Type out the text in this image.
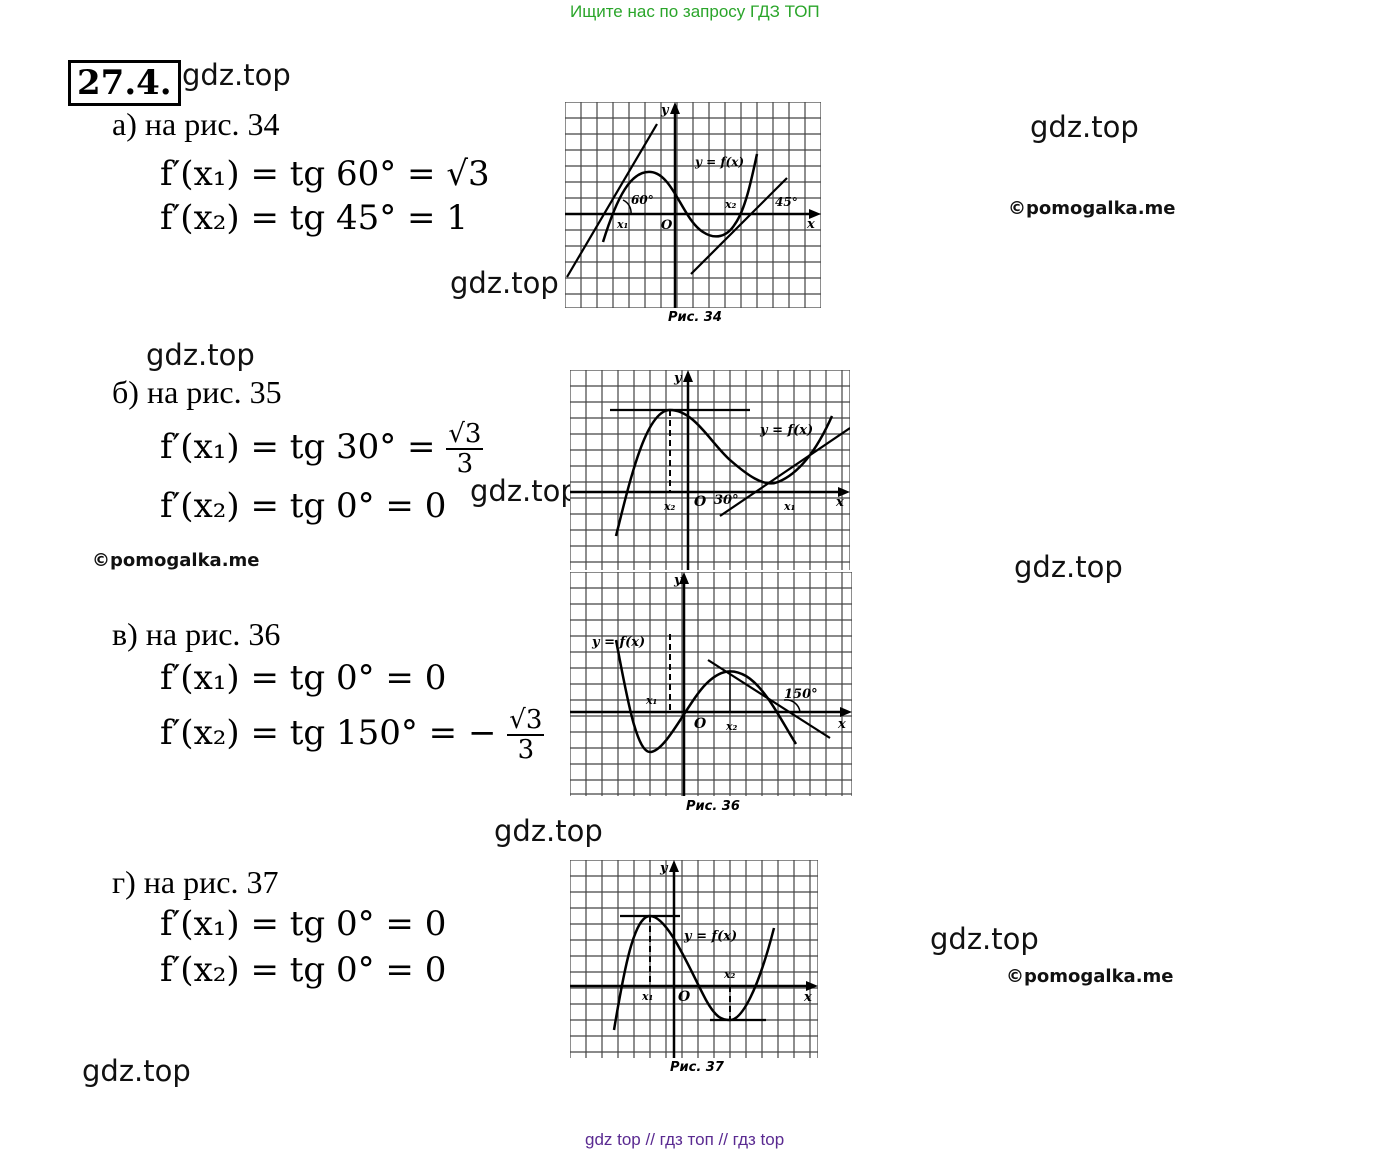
Ищите нас по запросу ГДЗ ТОП
27.4. gdz.top
gdz.top
©pomogalka.me
gdz.top
gdz.top
gdz.top
©pomogalka.me	gdz.top
gdz.top
gdz.top
©pomogalka.me
gdz.top
а) на рис. 34
f′(x₁) = tg 60° = √3
f′(x₂) = tg 45° = 1
б) на рис. 35
f′(x₁) = tg $30^\circ = \frac{√3}{3}$
f′(x₂) = tg 0° = 0
в) на рис. 36
f′(x₁) = tg 0° = 0
f′(x₂) = tg 150° = − $\frac{√3}{3}$
г) на рис. 37
f′(x₁) = tg 0° = 0
f′(x₂) = tg 0° = 0
60°	45°
y = f(x)
x₁
x₂
O	x
y
Рис. 34
y = f(x)
30°	x₁
x₂ O	x
y
y = f(x)
150°
x₁
x₂
O	x
y
Рис. 36
y = f(x)
x₁
x₂
O	x
y
Рис. 37
gdz top // гдз топ // гдз top
